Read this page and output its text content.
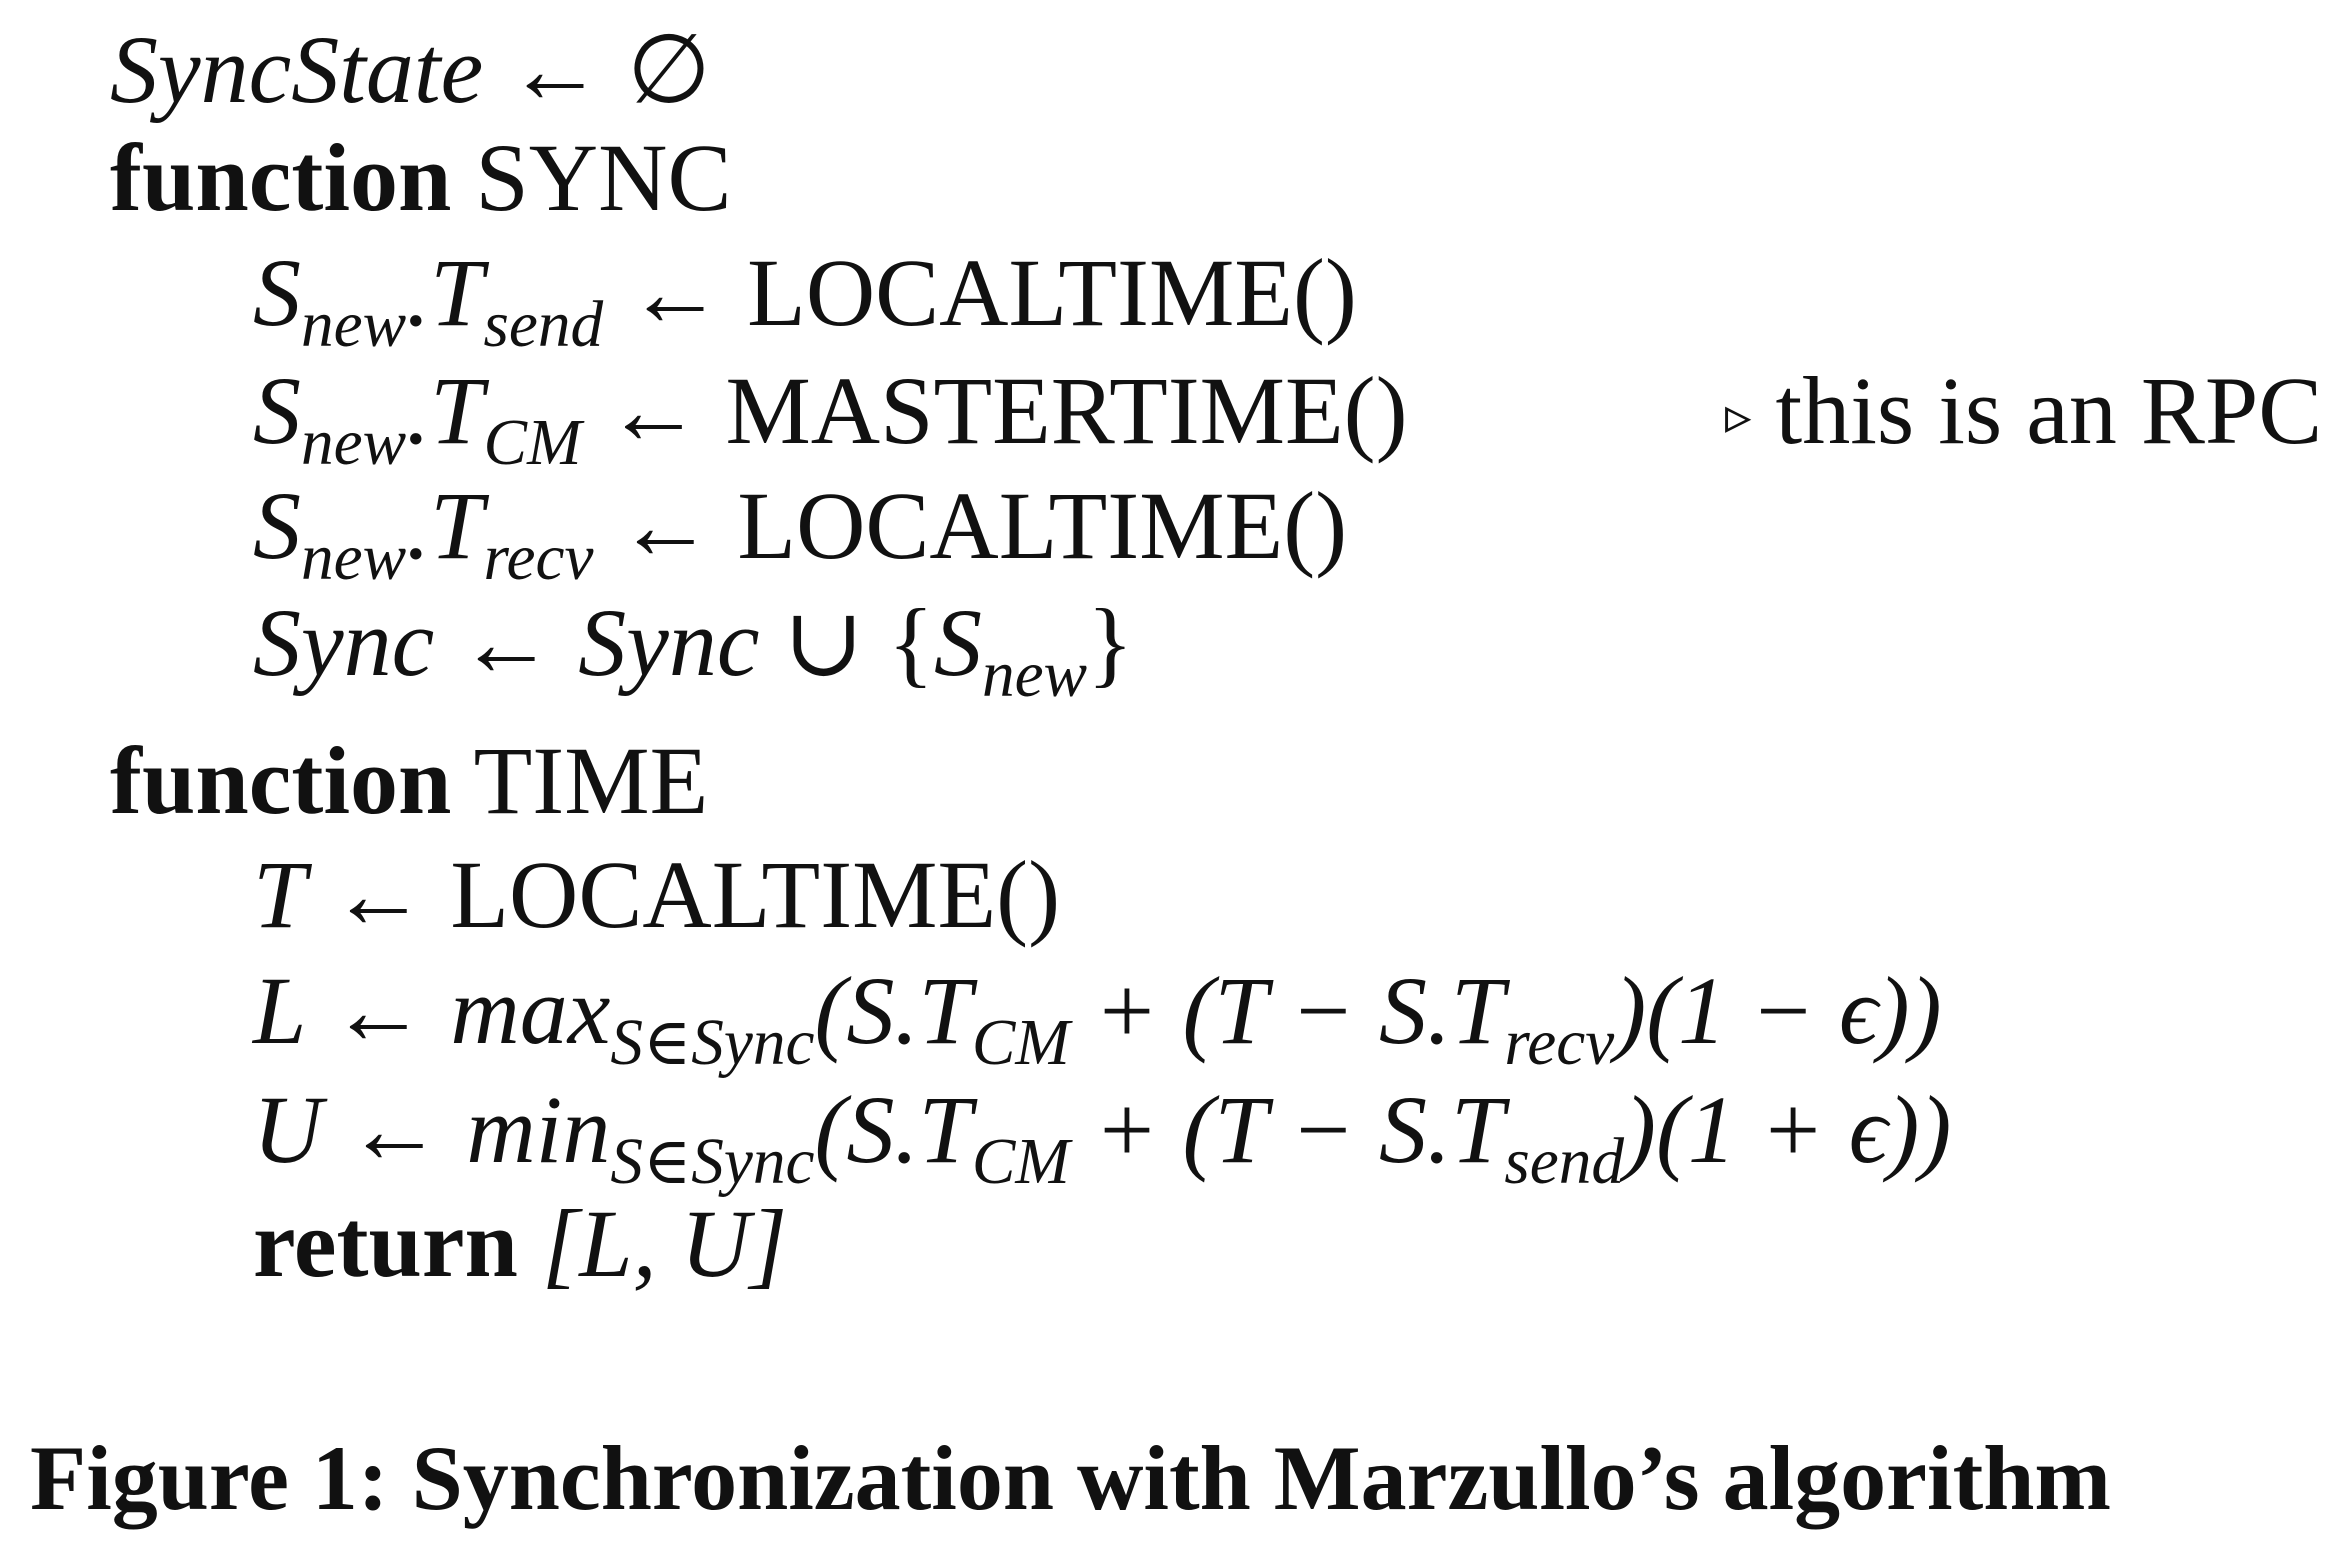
SyncState ← ∅
function SYNC
$S_{new}.T_{send}$ ← LOCALTIME()
$S_{new}.T_{CM}$ ← MASTERTIME()	▹ this is an RPC
$S_{new}.T_{recv}$ ← LOCALTIME()
Sync ← Sync ∪ $\{S_{new}\}$
function TIME
T ← LOCALTIME()
L ← $\max_{S\in Sync}(S.T_{CM} + (T - S.T_{recv})(1 - \epsilon))$
U ← $\min_{S\in Sync}(S.T_{CM} + (T - S.T_{send})(1 + \epsilon))$
return [L, U]
Figure 1: Synchronization with Marzullo’s algorithm
